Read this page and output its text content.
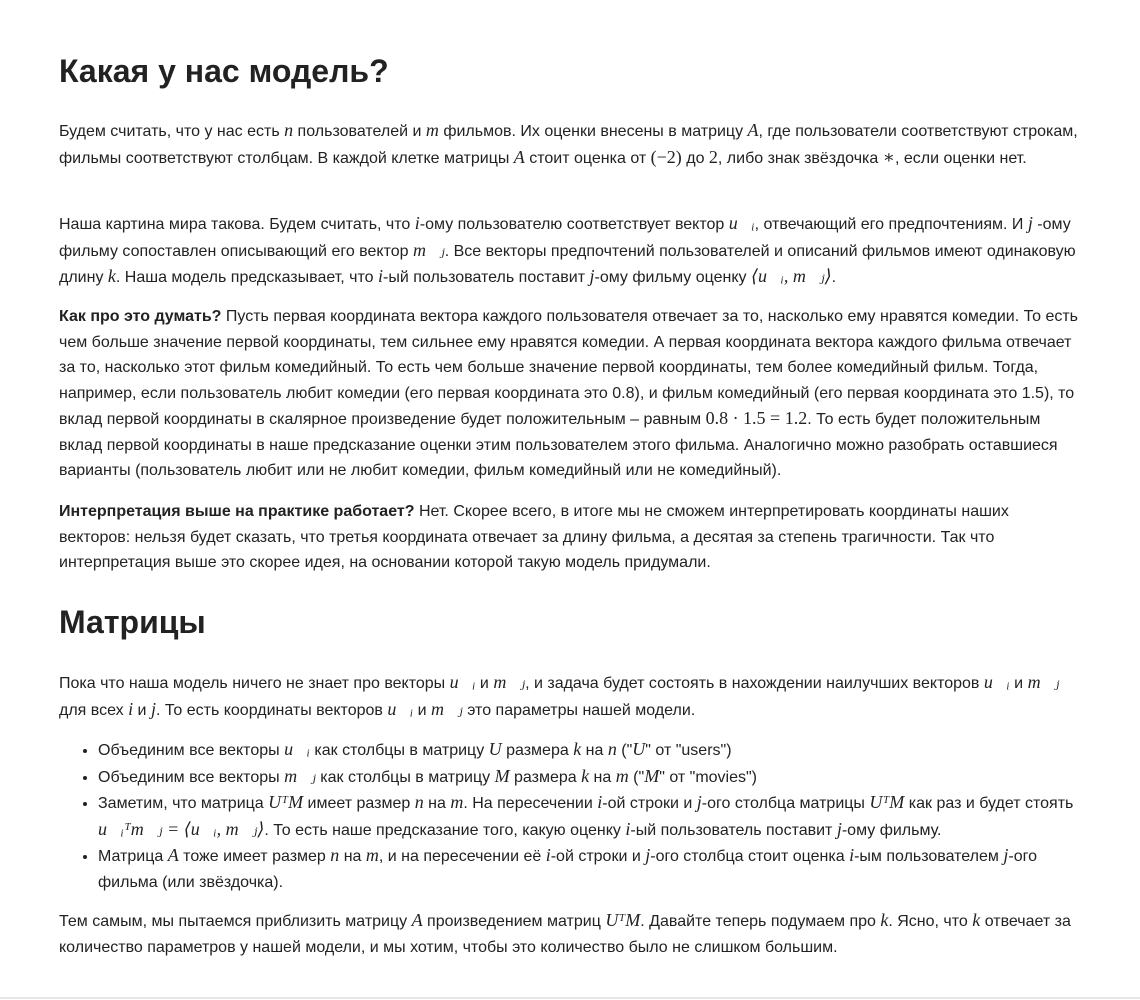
Какая у нас модель?

Будем считать, что у нас есть n пользователей и m фильмов. Их оценки внесены в матрицу A, где пользователи соответствуют строкам, фильмы соответствуют столбцам. В каждой клетке матрицы A стоит оценка от (−2) до 2, либо знак звёздочка ∗, если оценки нет.

Наша картина мира такова. Будем считать, что i-ому пользователю соответствует вектор u⃗ᵢ, отвечающий его предпочтениям. И j -ому фильму сопоставлен описывающий его вектор m⃗ⱼ. Все векторы предпочтений пользователей и описаний фильмов имеют одинаковую длину k. Наша модель предсказывает, что i-ый пользователь поставит j-ому фильму оценку ⟨u⃗ᵢ, m⃗ⱼ⟩.

Как про это думать? Пусть первая координата вектора каждого пользователя отвечает за то, насколько ему нравятся комедии. То есть чем больше значение первой координаты, тем сильнее ему нравятся комедии. А первая координата вектора каждого фильма отвечает за то, насколько этот фильм комедийный. То есть чем больше значение первой координаты, тем более комедийный фильм. Тогда, например, если пользователь любит комедии (его первая координата это 0.8), и фильм комедийный (его первая координата это 1.5), то вклад первой координаты в скалярное произведение будет положительным – равным 0.8 · 1.5 = 1.2. То есть будет положительным вклад первой координаты в наше предсказание оценки этим пользователем этого фильма. Аналогично можно разобрать оставшиеся варианты (пользователь любит или не любит комедии, фильм комедийный или не комедийный).

Интерпретация выше на практике работает? Нет. Скорее всего, в итоге мы не сможем интерпретировать координаты наших векторов: нельзя будет сказать, что третья координата отвечает за длину фильма, а десятая за степень трагичности. Так что интерпретация выше это скорее идея, на основании которой такую модель придумали.

Матрицы

Пока что наша модель ничего не знает про векторы u⃗ᵢ и m⃗ⱼ, и задача будет состоять в нахождении наилучших векторов u⃗ᵢ и m⃗ⱼ для всех i и j. То есть координаты векторов u⃗ᵢ и m⃗ⱼ это параметры нашей модели.

• Объединим все векторы u⃗ᵢ как столбцы в матрицу U размера k на n ("U" от "users")
• Объединим все векторы m⃗ⱼ как столбцы в матрицу M размера k на m ("M" от "movies")
• Заметим, что матрица UᵀM имеет размер n на m. На пересечении i-ой строки и j-ого столбца матрицы UᵀM как раз и будет стоять u⃗ᵢᵀm⃗ⱼ = ⟨u⃗ᵢ, m⃗ⱼ⟩. То есть наше предсказание того, какую оценку i-ый пользователь поставит j-ому фильму.
• Матрица A тоже имеет размер n на m, и на пересечении её i-ой строки и j-ого столбца стоит оценка i-ым пользователем j-ого фильма (или звёздочка).

Тем самым, мы пытаемся приблизить матрицу A произведением матриц UᵀM. Давайте теперь подумаем про k. Ясно, что k отвечает за количество параметров у нашей модели, и мы хотим, чтобы это количество было не слишком большим.
